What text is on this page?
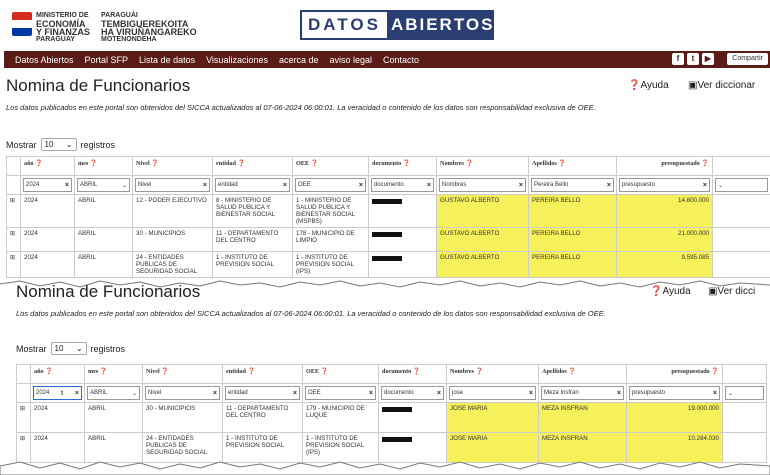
MINISTERIO DE
ECONOMÍA
Y FINANZAS
PARAGUAY
PARAGUÁI
TEMBIGUEREKOITA
HA VIRUÑANGAREKO
MOTENONDEHA
DATOS ABIERTOS
Datos Abiertos Portal SFP Lista de datos Visualizaciones acerca de aviso legal Contacto	f	t	▶	Compartir
Nomina de Funcionarios	❓Ayuda ▣Ver diccionar
Los datos publicados en este portal son obtenidos del SICCA actualizados al 07-06-2024 06:00:01. La veracidad o contenido de los datos son responsabilidad exclusiva de OEE.
Mostrar 10 ⌄ registros
	año ❓	mes ❓	Nivel ❓	entidad ❓	OEE ❓	documento ❓	Nombres ❓	Apellidos ❓	presupuestado ❓	

	2024 ×	ABRIL ⌄	Nivel ×	entidad ×	OEE ×	documento ×	Nombres ×	Pereira Bello ×	presupuesto ×	⌄

⊞	2024	ABRIL	12 - PODER EJECUTIVO	8 - MINISTERIO DE SALUD PUBLICA Y BIENESTAR SOCIAL	1 - MINISTERIO DE SALUD PUBLICA Y BIENESTAR SOCIAL (MSPBS)		GUSTAVO ALBERTO	PEREIRA BELLO	14.800.000	
⊞	2024	ABRIL	30 - MUNICIPIOS	11 - DEPARTAMENTO DEL CENTRO	178 - MUNICIPIO DE LIMPIO		GUSTAVO ALBERTO	PEREIRA BELLO	21.000.000	
⊞	2024	ABRIL	24 - ENTIDADES PUBLICAS DE SEGURIDAD SOCIAL	1 - INSTITUTO DE PREVISION SOCIAL	1 - INSTITUTO DE PREVISION SOCIAL (IPS)		GUSTAVO ALBERTO	PEREIRA BELLO	9.595.085	
Nomina de Funcionarios	❓Ayuda ▣Ver dicci
Los datos publicados en este portal son obtenidos del SICCA actualizados al 07-06-2024 06:00:01. La veracidad o contenido de los datos son responsabilidad exclusiva de OEE.
Mostrar 10 ⌄ registros
	año ❓	mes ❓	Nivel ❓	entidad ❓	OEE ❓	documento ❓	Nombres ❓	Apellidos ❓	presupuestado ❓	

	2024 ⇕ ×	ABRIL ⌄	Nivel ×	entidad ×	OEE ×	documento ×	jose ×	Meza Insfran ×	presupuesto ×	⌄

⊞	2024	ABRIL	30 - MUNICIPIOS	11 - DEPARTAMENTO DEL CENTRO	179 - MUNICIPIO DE LUQUE		JOSE MARIA	MEZA INSFRAN	19.000.000	
⊞	2024	ABRIL	24 - ENTIDADES PUBLICAS DE SEGURIDAD SOCIAL	1 - INSTITUTO DE PREVISION SOCIAL	1 - INSTITUTO DE PREVISION SOCIAL (IPS)		JOSE MARIA	MEZA INSFRAN	10.284.030	
